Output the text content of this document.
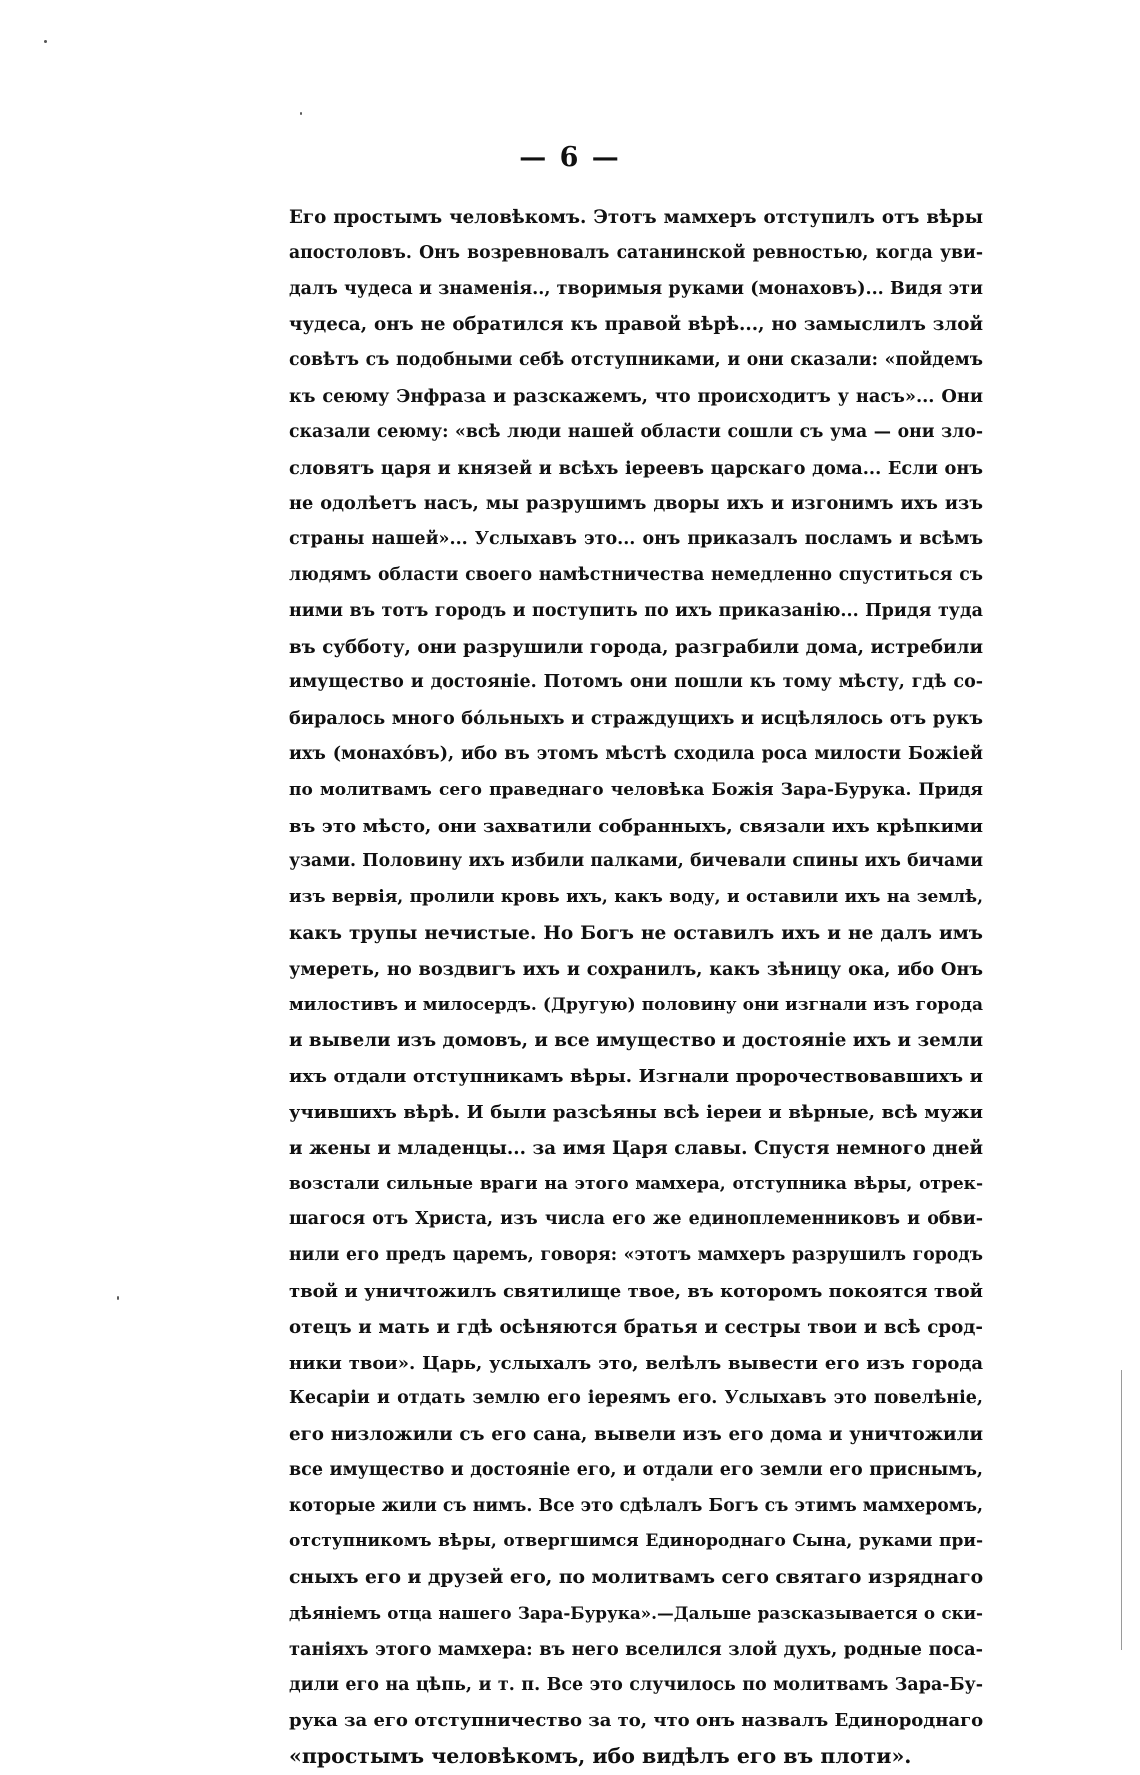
— 6 —
Его простымъ человѣкомъ. Этотъ мамхеръ отступилъ отъ вѣры
апостоловъ. Онъ возревновалъ сатанинской ревностью, когда уви-
далъ чудеса и знаменія.., творимыя руками (монаховъ)... Видя эти
чудеса, онъ не обратился къ правой вѣрѣ..., но замыслилъ злой
совѣтъ съ подобными себѣ отступниками, и они сказали: «пойдемъ
къ сеюму Энфраза и разскажемъ, что происходитъ у насъ»... Они
сказали сеюму: «всѣ люди нашей области сошли съ ума — они зло-
словятъ царя и князей и всѣхъ іереевъ царскаго дома... Если онъ
не одолѣетъ насъ, мы разрушимъ дворы ихъ и изгонимъ ихъ изъ
страны нашей»... Услыхавъ это... онъ приказалъ посламъ и всѣмъ
людямъ области своего намѣстничества немедленно спуститься съ
ними въ тотъ городъ и поступить по ихъ приказанію... Придя туда
въ субботу, они разрушили города, разграбили дома, истребили
имущество и достояніе. Потомъ они пошли къ тому мѣсту, гдѣ со-
биралось много бо́льныхъ и страждущихъ и исцѣлялось отъ рукъ
ихъ (монахо́въ), ибо въ этомъ мѣстѣ сходила роса милости Божіей
по молитвамъ сего праведнаго человѣка Божія Зара-Бурука. Придя
въ это мѣсто, они захватили собранныхъ, связали ихъ крѣпкими
узами. Половину ихъ избили палками, бичевали спины ихъ бичами
изъ вервія, пролили кровь ихъ, какъ воду, и оставили ихъ на землѣ,
какъ трупы нечистые. Но Богъ не оставилъ ихъ и не далъ имъ
умереть, но воздвигъ ихъ и сохранилъ, какъ зѣницу ока, ибо Онъ
милостивъ и милосердъ. (Другую) половину они изгнали изъ города
и вывели изъ домовъ, и все имущество и достояніе ихъ и земли
ихъ отдали отступникамъ вѣры. Изгнали пророчествовавшихъ и
учившихъ вѣрѣ. И были разсѣяны всѣ іереи и вѣрные, всѣ мужи
и жены и младенцы... за имя Царя славы. Спустя немного дней
возстали сильные враги на этого мамхера, отступника вѣры, отрек-
шагося отъ Христа, изъ числа его же единоплеменниковъ и обви-
нили его предъ царемъ, говоря: «этотъ мамхеръ разрушилъ городъ
твой и уничтожилъ святилище твое, въ которомъ покоятся твой
отецъ и мать и гдѣ осѣняются братья и сестры твои и всѣ срод-
ники твои». Царь, услыхалъ это, велѣлъ вывести его изъ города
Кесаріи и отдать землю его іереямъ его. Услыхавъ это повелѣніе,
его низложили съ его сана, вывели изъ его дома и уничтожили
все имущество и достояніе его, и отдали его земли его приснымъ,
которые жили съ нимъ. Все это сдѣлалъ Богъ съ этимъ мамхеромъ,
отступникомъ вѣры, отвергшимся Единороднаго Сына, руками при-
сныхъ его и друзей его, по молитвамъ сего святаго изряднаго
дѣяніемъ отца нашего Зара-Бурука».—Дальше разсказывается о ски-
таніяхъ этого мамхера: въ него вселился злой духъ, родные поса-
дили его на цѣпь, и т. п. Все это случилось по молитвамъ Зара-Бу-
рука за его отступничество за то, что онъ назвалъ Единороднаго
«простымъ человѣкомъ, ибо видѣлъ его въ плоти».
